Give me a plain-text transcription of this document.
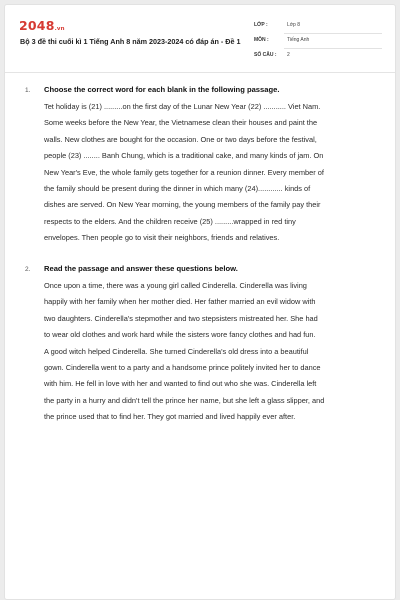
2048.vn
Bộ 3 đề thi cuối kì 1 Tiếng Anh 8 năm 2023-2024 có đáp án - Đề 1
LỚP :	Lớp 8
MÔN :	Tiếng Anh
SỐ CÂU : 2
1. Choose the correct word for each blank in the following passage.
Tet holiday is (21) .........on the first day of the Lunar New Year (22) ........... Viet Nam.
Some weeks before the New Year, the Vietnamese clean their houses and paint the
walls. New clothes are bought for the occasion. One or two days before the festival,
people (23) ........ Banh Chung, which is a traditional cake, and many kinds of jam. On
New Year's Eve, the whole family gets together for a reunion dinner. Every member of
the family should be present during the dinner in which many (24)............ kinds of
dishes are served. On New Year morning, the young members of the family pay their
respects to the elders. And the children receive (25) .........wrapped in red tiny
envelopes. Then people go to visit their neighbors, friends and relatives.
2. Read the passage and answer these questions below.
Once upon a time, there was a young girl called Cinderella. Cinderella was living
happily with her family when her mother died. Her father married an evil widow with
two daughters. Cinderella's stepmother and two stepsisters mistreated her. She had
to wear old clothes and work hard while the sisters wore fancy clothes and had fun.
A good witch helped Cinderella. She turned Cinderella's old dress into a beautiful
gown. Cinderella went to a party and a handsome prince politely invited her to dance
with him. He fell in love with her and wanted to find out who she was. Cinderella left
the party in a hurry and didn't tell the prince her name, but she left a glass slipper, and
the prince used that to find her. They got married and lived happily ever after.
